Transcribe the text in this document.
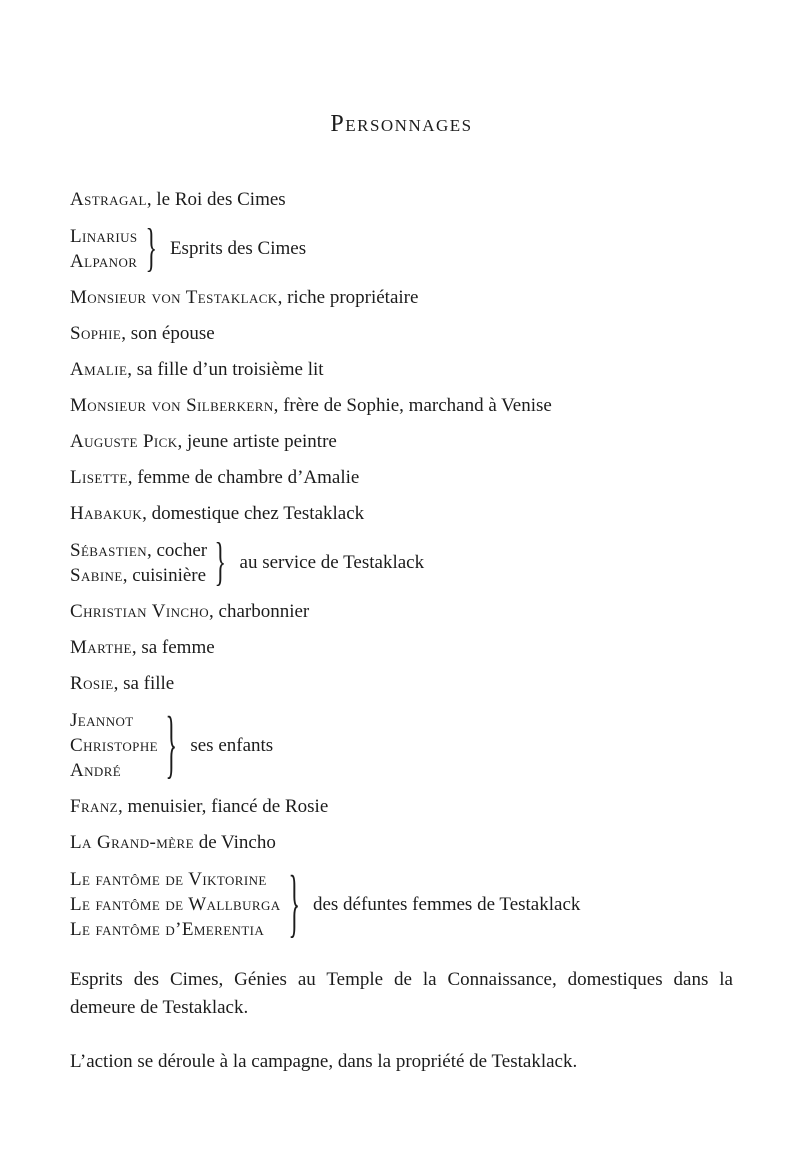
Personnages
Astragal, le Roi des Cimes
Linarius
Alpanor } Esprits des Cimes
Monsieur von Testaklack, riche propriétaire
Sophie, son épouse
Amalie, sa fille d’un troisième lit
Monsieur von Silberkern, frère de Sophie, marchand à Venise
Auguste Pick, jeune artiste peintre
Lisette, femme de chambre d’Amalie
Habakuk, domestique chez Testaklack
Sébastien, cocher
Sabine, cuisinière } au service de Testaklack
Christian Vincho, charbonnier
Marthe, sa femme
Rosie, sa fille
Jeannot
Christophe
André	} ses enfants
Franz, menuisier, fiancé de Rosie
La Grand-mère de Vincho
Le fantôme de Viktorine
Le fantôme de Wallburga
Le fantôme d’Emerentia } des défuntes femmes de Testaklack

Esprits des Cimes, Génies au Temple de la Connaissance, domestiques dans la demeure de Testaklack.

L’action se déroule à la campagne, dans la propriété de Testaklack.
